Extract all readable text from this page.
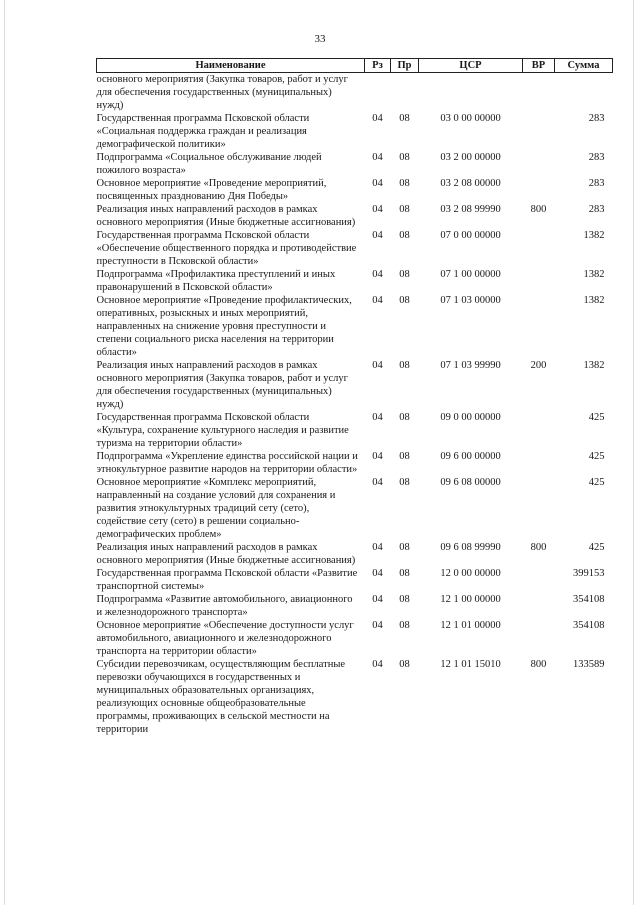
33
Наименование	Рз	Пр	ЦСР	ВР	Сумма
основного мероприятия (Закупка товаров, работ и услуг для обеспечения государственных (муниципальных) нужд)					
Государственная программа Псковской области «Социальная поддержка граждан и реализация демографической политики»	04	08	03 0 00 00000		283
Подпрограмма «Социальное обслуживание людей пожилого возраста»	04	08	03 2 00 00000		283
Основное мероприятие «Проведение мероприятий, посвященных празднованию Дня Победы»	04	08	03 2 08 00000		283
Реализация иных направлений расходов в рамках основного мероприятия (Иные бюджетные ассигнования)	04	08	03 2 08 99990	800	283
Государственная программа Псковской области «Обеспечение общественного порядка и противодействие преступности в Псковской области»	04	08	07 0 00 00000		1382
Подпрограмма «Профилактика преступлений и иных правонарушений в Псковской области»	04	08	07 1 00 00000		1382
Основное мероприятие «Проведение профилактических, оперативных, розыскных и иных мероприятий, направленных на снижение уровня преступности и степени социального риска населения на территории области»	04	08	07 1 03 00000		1382
Реализация иных направлений расходов в рамках основного мероприятия (Закупка товаров, работ и услуг для обеспечения государственных (муниципальных) нужд)	04	08	07 1 03 99990	200	1382
Государственная программа Псковской области «Культура, сохранение культурного наследия и развитие туризма на территории области»	04	08	09 0 00 00000		425
Подпрограмма «Укрепление единства российской нации и этнокультурное развитие народов на территории области»	04	08	09 6 00 00000		425
Основное мероприятие «Комплекс мероприятий, направленный на создание условий для сохранения и развития этнокультурных традиций сету (сето), содействие сету (сето) в решении социально-демографических проблем»	04	08	09 6 08 00000		425
Реализация иных направлений расходов в рамках основного мероприятия (Иные бюджетные ассигнования)	04	08	09 6 08 99990	800	425
Государственная программа Псковской области «Развитие транспортной системы»	04	08	12 0 00 00000		399153
Подпрограмма «Развитие автомобильного, авиационного и железнодорожного транспорта»	04	08	12 1 00 00000		354108
Основное мероприятие «Обеспечение доступности услуг автомобильного, авиационного и железнодорожного транспорта на территории области»	04	08	12 1 01 00000		354108
Субсидии перевозчикам, осуществляющим бесплатные перевозки обучающихся в государственных и муниципальных образовательных организациях, реализующих основные общеобразовательные программы, проживающих в сельской местности на территории	04	08	12 1 01 15010	800	133589
